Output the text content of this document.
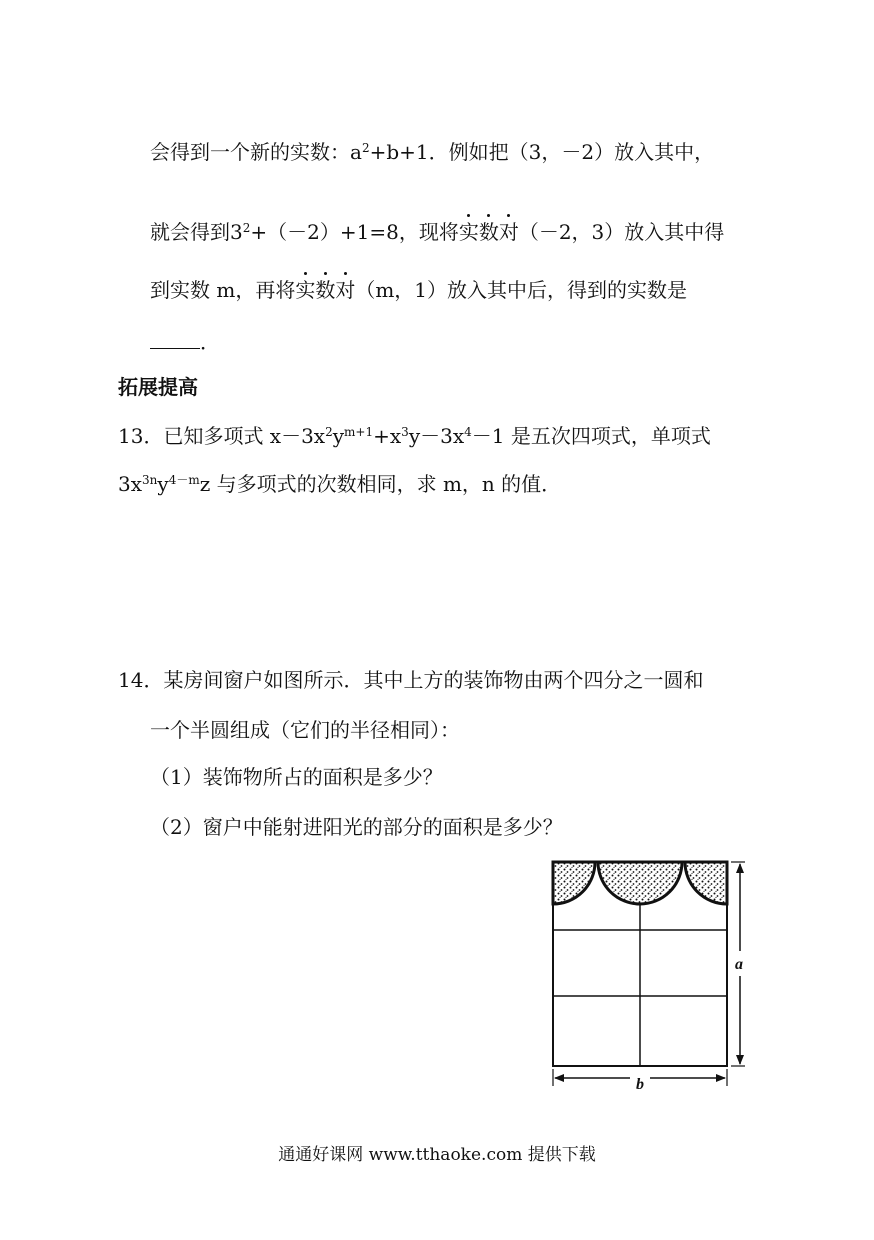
会得到一个新的实数：$a^2+b+1$．例如把（3，－2）放入其中，
就会得到$3^2+(-2)+1=8$，现将实数对（－2，3）放入其中得
到实数 m，再将实数对（m，1）放入其中后，得到的实数是
．
拓展提高
13．已知多项式 $x-3x^2y^{m+1}+x^3y-3x^4-1$ 是五次四项式，单项式
$3x^{3n}y^{4-m}z$ 与多项式的次数相同，求 m，n 的值．
14．某房间窗户如图所示．其中上方的装饰物由两个四分之一圆和
一个半圆组成（它们的半径相同）：
（1）装饰物所占的面积是多少？
（2）窗户中能射进阳光的部分的面积是多少？
a
b
通通好课网 www.tthaoke.com 提供下载
